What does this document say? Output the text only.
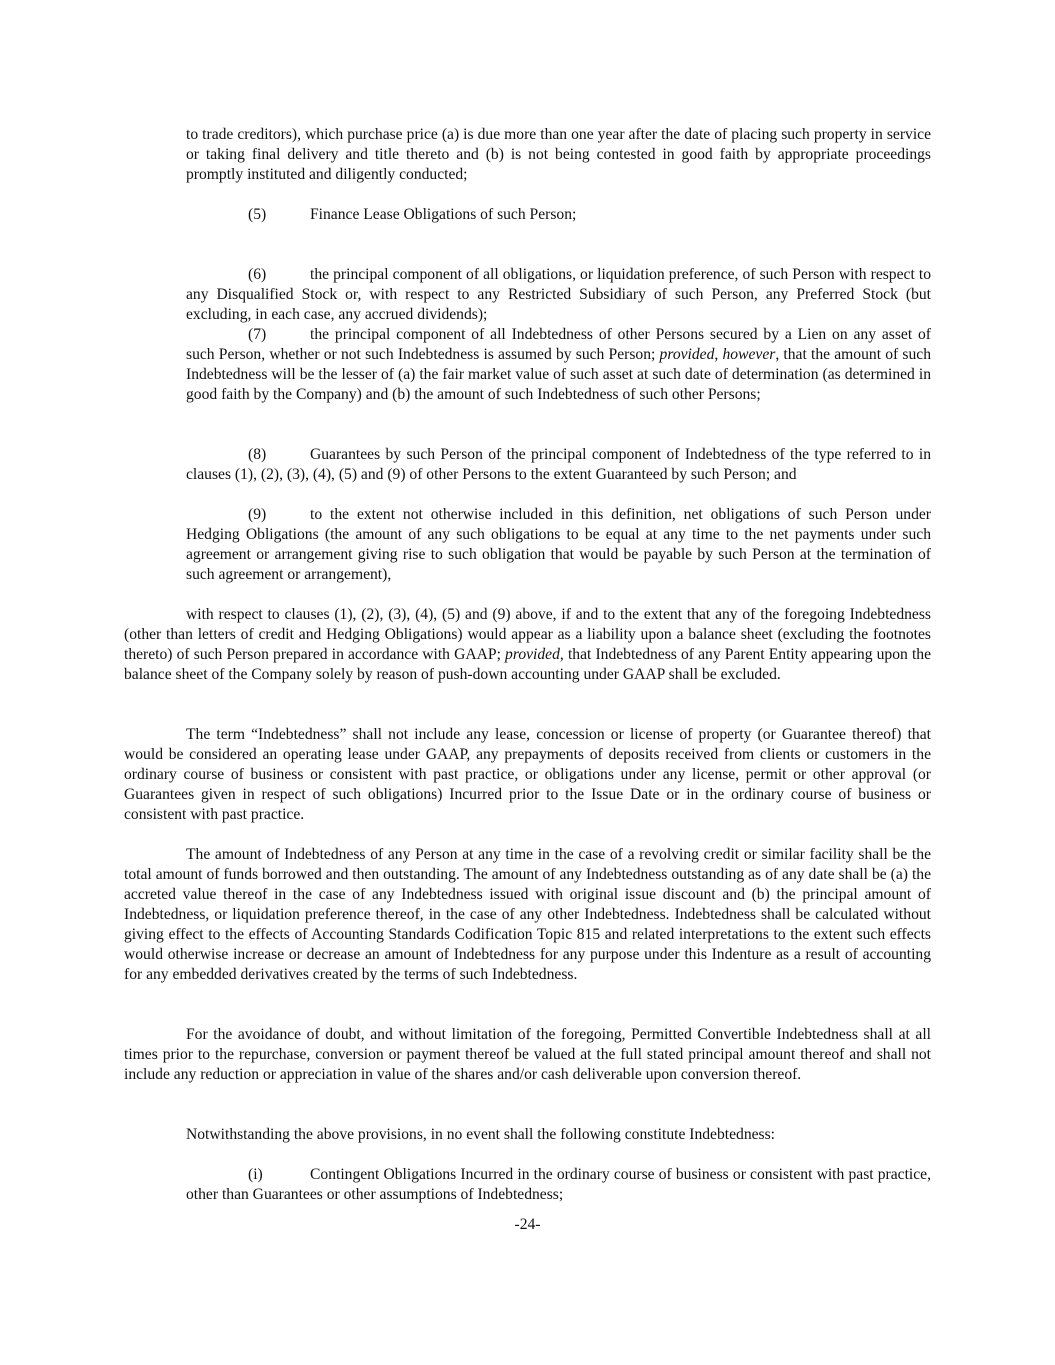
to trade creditors), which purchase price (a) is due more than one year after the date of placing such property in service or taking final delivery and title thereto and (b) is not being contested in good faith by appropriate proceedings promptly instituted and diligently conducted;

(5)	Finance Lease Obligations of such Person;

(6)	the principal component of all obligations, or liquidation preference, of such Person with respect to any Disqualified Stock or, with respect to any Restricted Subsidiary of such Person, any Preferred Stock (but excluding, in each case, any accrued dividends);

(7)	the principal component of all Indebtedness of other Persons secured by a Lien on any asset of such Person, whether or not such Indebtedness is assumed by such Person; provided, however, that the amount of such Indebtedness will be the lesser of (a) the fair market value of such asset at such date of determination (as determined in good faith by the Company) and (b) the amount of such Indebtedness of such other Persons;

(8)	Guarantees by such Person of the principal component of Indebtedness of the type referred to in clauses (1), (2), (3), (4), (5) and (9) of other Persons to the extent Guaranteed by such Person; and

(9)	to the extent not otherwise included in this definition, net obligations of such Person under Hedging Obligations (the amount of any such obligations to be equal at any time to the net payments under such agreement or arrangement giving rise to such obligation that would be payable by such Person at the termination of such agreement or arrangement),

with respect to clauses (1), (2), (3), (4), (5) and (9) above, if and to the extent that any of the foregoing Indebtedness (other than letters of credit and Hedging Obligations) would appear as a liability upon a balance sheet (excluding the footnotes thereto) of such Person prepared in accordance with GAAP; provided, that Indebtedness of any Parent Entity appearing upon the balance sheet of the Company solely by reason of push-down accounting under GAAP shall be excluded.

The term “Indebtedness” shall not include any lease, concession or license of property (or Guarantee thereof) that would be considered an operating lease under GAAP, any prepayments of deposits received from clients or customers in the ordinary course of business or consistent with past practice, or obligations under any license, permit or other approval (or Guarantees given in respect of such obligations) Incurred prior to the Issue Date or in the ordinary course of business or consistent with past practice.

The amount of Indebtedness of any Person at any time in the case of a revolving credit or similar facility shall be the total amount of funds borrowed and then outstanding. The amount of any Indebtedness outstanding as of any date shall be (a) the accreted value thereof in the case of any Indebtedness issued with original issue discount and (b) the principal amount of Indebtedness, or liquidation preference thereof, in the case of any other Indebtedness. Indebtedness shall be calculated without giving effect to the effects of Accounting Standards Codification Topic 815 and related interpretations to the extent such effects would otherwise increase or decrease an amount of Indebtedness for any purpose under this Indenture as a result of accounting for any embedded derivatives created by the terms of such Indebtedness.

For the avoidance of doubt, and without limitation of the foregoing, Permitted Convertible Indebtedness shall at all times prior to the repurchase, conversion or payment thereof be valued at the full stated principal amount thereof and shall not include any reduction or appreciation in value of the shares and/or cash deliverable upon conversion thereof.

Notwithstanding the above provisions, in no event shall the following constitute Indebtedness:

(i)	Contingent Obligations Incurred in the ordinary course of business or consistent with past practice, other than Guarantees or other assumptions of Indebtedness;

-24-
